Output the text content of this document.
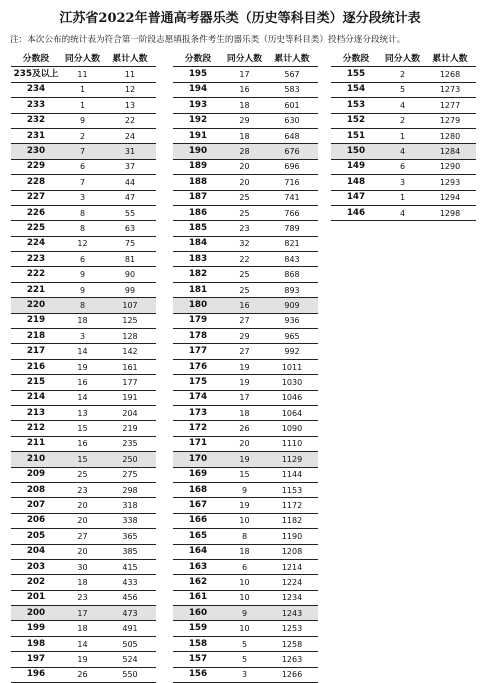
江苏省2022年普通高考器乐类（历史等科目类）逐分段统计表
注：本次公布的统计表为符合第一阶段志愿填报条件考生的器乐类（历史等科目类）投档分逐分段统计。
分数段	同分人数	累计人数
235及以上	11	11
234	1	12
233	1	13
232	9	22
231	2	24
230	7	31
229	6	37
228	7	44
227	3	47
226	8	55
225	8	63
224	12	75
223	6	81
222	9	90
221	9	99
220	8	107
219	18	125
218	3	128
217	14	142
216	19	161
215	16	177
214	14	191
213	13	204
212	15	219
211	16	235
210	15	250
209	25	275
208	23	298
207	20	318
206	20	338
205	27	365
204	20	385
203	30	415
202	18	433
201	23	456
200	17	473
199	18	491
198	14	505
197	19	524
196	26	550
分数段	同分人数	累计人数
195	17	567
194	16	583
193	18	601
192	29	630
191	18	648
190	28	676
189	20	696
188	20	716
187	25	741
186	25	766
185	23	789
184	32	821
183	22	843
182	25	868
181	25	893
180	16	909
179	27	936
178	29	965
177	27	992
176	19	1011
175	19	1030
174	17	1046
173	18	1064
172	26	1090
171	20	1110
170	19	1129
169	15	1144
168	9	1153
167	19	1172
166	10	1182
165	8	1190
164	18	1208
163	6	1214
162	10	1224
161	10	1234
160	9	1243
159	10	1253
158	5	1258
157	5	1263
156	3	1266
分数段	同分人数	累计人数
155	2	1268
154	5	1273
153	4	1277
152	2	1279
151	1	1280
150	4	1284
149	6	1290
148	3	1293
147	1	1294
146	4	1298
